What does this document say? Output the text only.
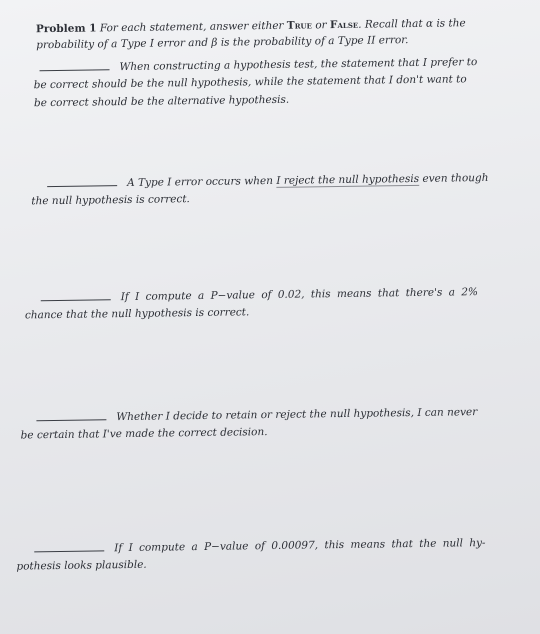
Problem 1 For each statement, answer either True or False. Recall that α is the probability of a Type I error and β is the probability of a Type II error.
When constructing a hypothesis test, the statement that I prefer to
be correct should be the null hypothesis, while the statement that I don't want to
be correct should be the alternative hypothesis.
A Type I error occurs when I reject the null hypothesis even though
the null hypothesis is correct.
If I compute a P−value of 0.02, this means that there's a 2%
chance that the null hypothesis is correct.
Whether I decide to retain or reject the null hypothesis, I can never
be certain that I've made the correct decision.
If I compute a P−value of 0.00097, this means that the null hy-
pothesis looks plausible.
